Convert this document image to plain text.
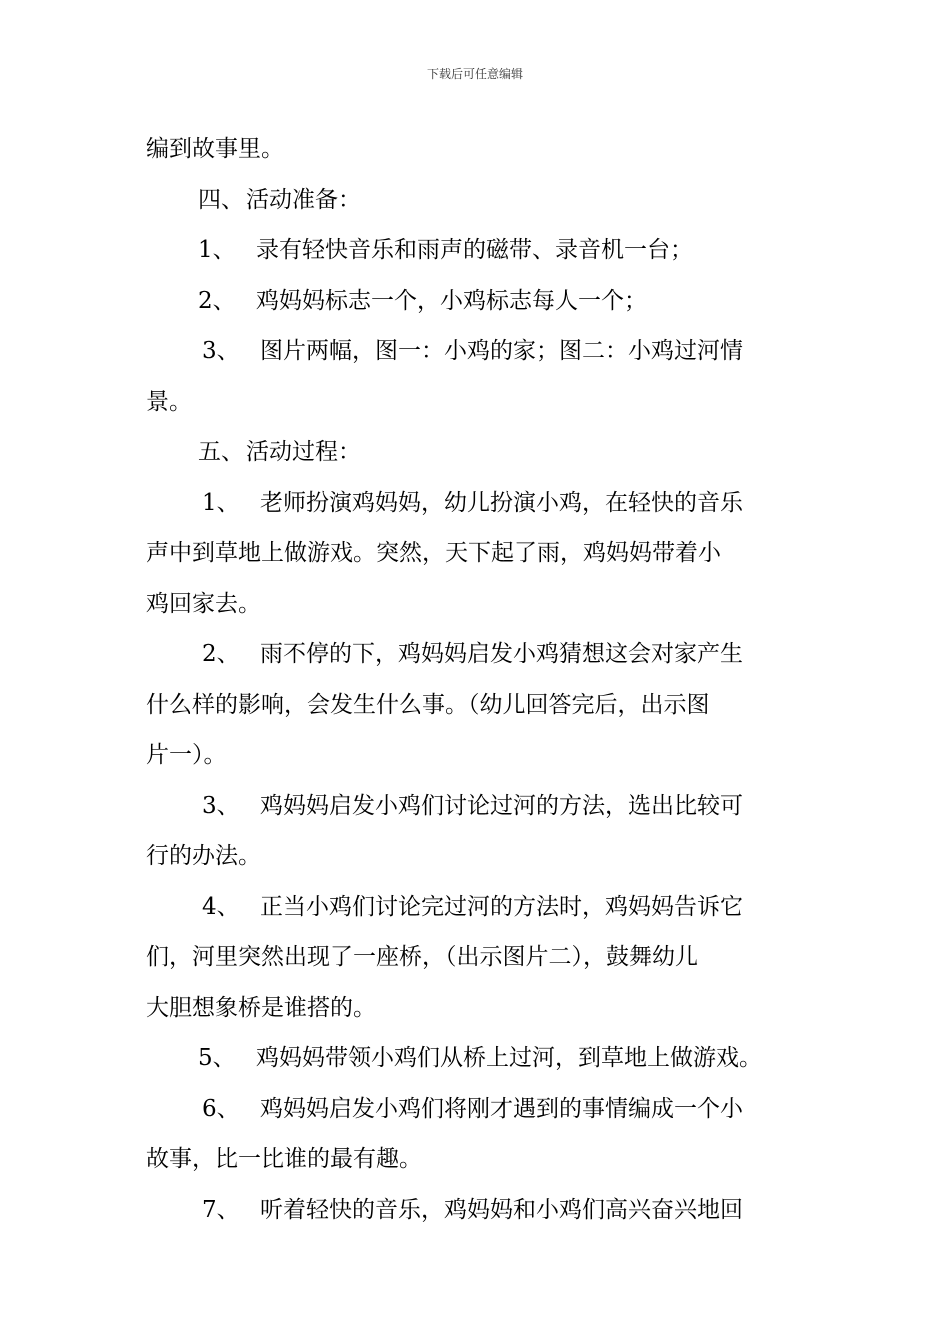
下载后可任意编辑
编到故事里。
四、活动准备：
1、 录有轻快音乐和雨声的磁带、录音机一台；
2、 鸡妈妈标志一个，小鸡标志每人一个；
3、 图片两幅，图一：小鸡的家；图二：小鸡过河情
景。
五、活动过程：
1、 老师扮演鸡妈妈，幼儿扮演小鸡，在轻快的音乐
声中到草地上做游戏。突然，天下起了雨，鸡妈妈带着小
鸡回家去。
2、 雨不停的下，鸡妈妈启发小鸡猜想这会对家产生
什么样的影响，会发生什么事。（幼儿回答完后，出示图
片一）。
3、 鸡妈妈启发小鸡们讨论过河的方法，选出比较可
行的办法。
4、 正当小鸡们讨论完过河的方法时，鸡妈妈告诉它
们，河里突然出现了一座桥，（出示图片二），鼓舞幼儿
大胆想象桥是谁搭的。
5、 鸡妈妈带领小鸡们从桥上过河，到草地上做游戏。
6、 鸡妈妈启发小鸡们将刚才遇到的事情编成一个小
故事，比一比谁的最有趣。
7、 听着轻快的音乐，鸡妈妈和小鸡们高兴奋兴地回
